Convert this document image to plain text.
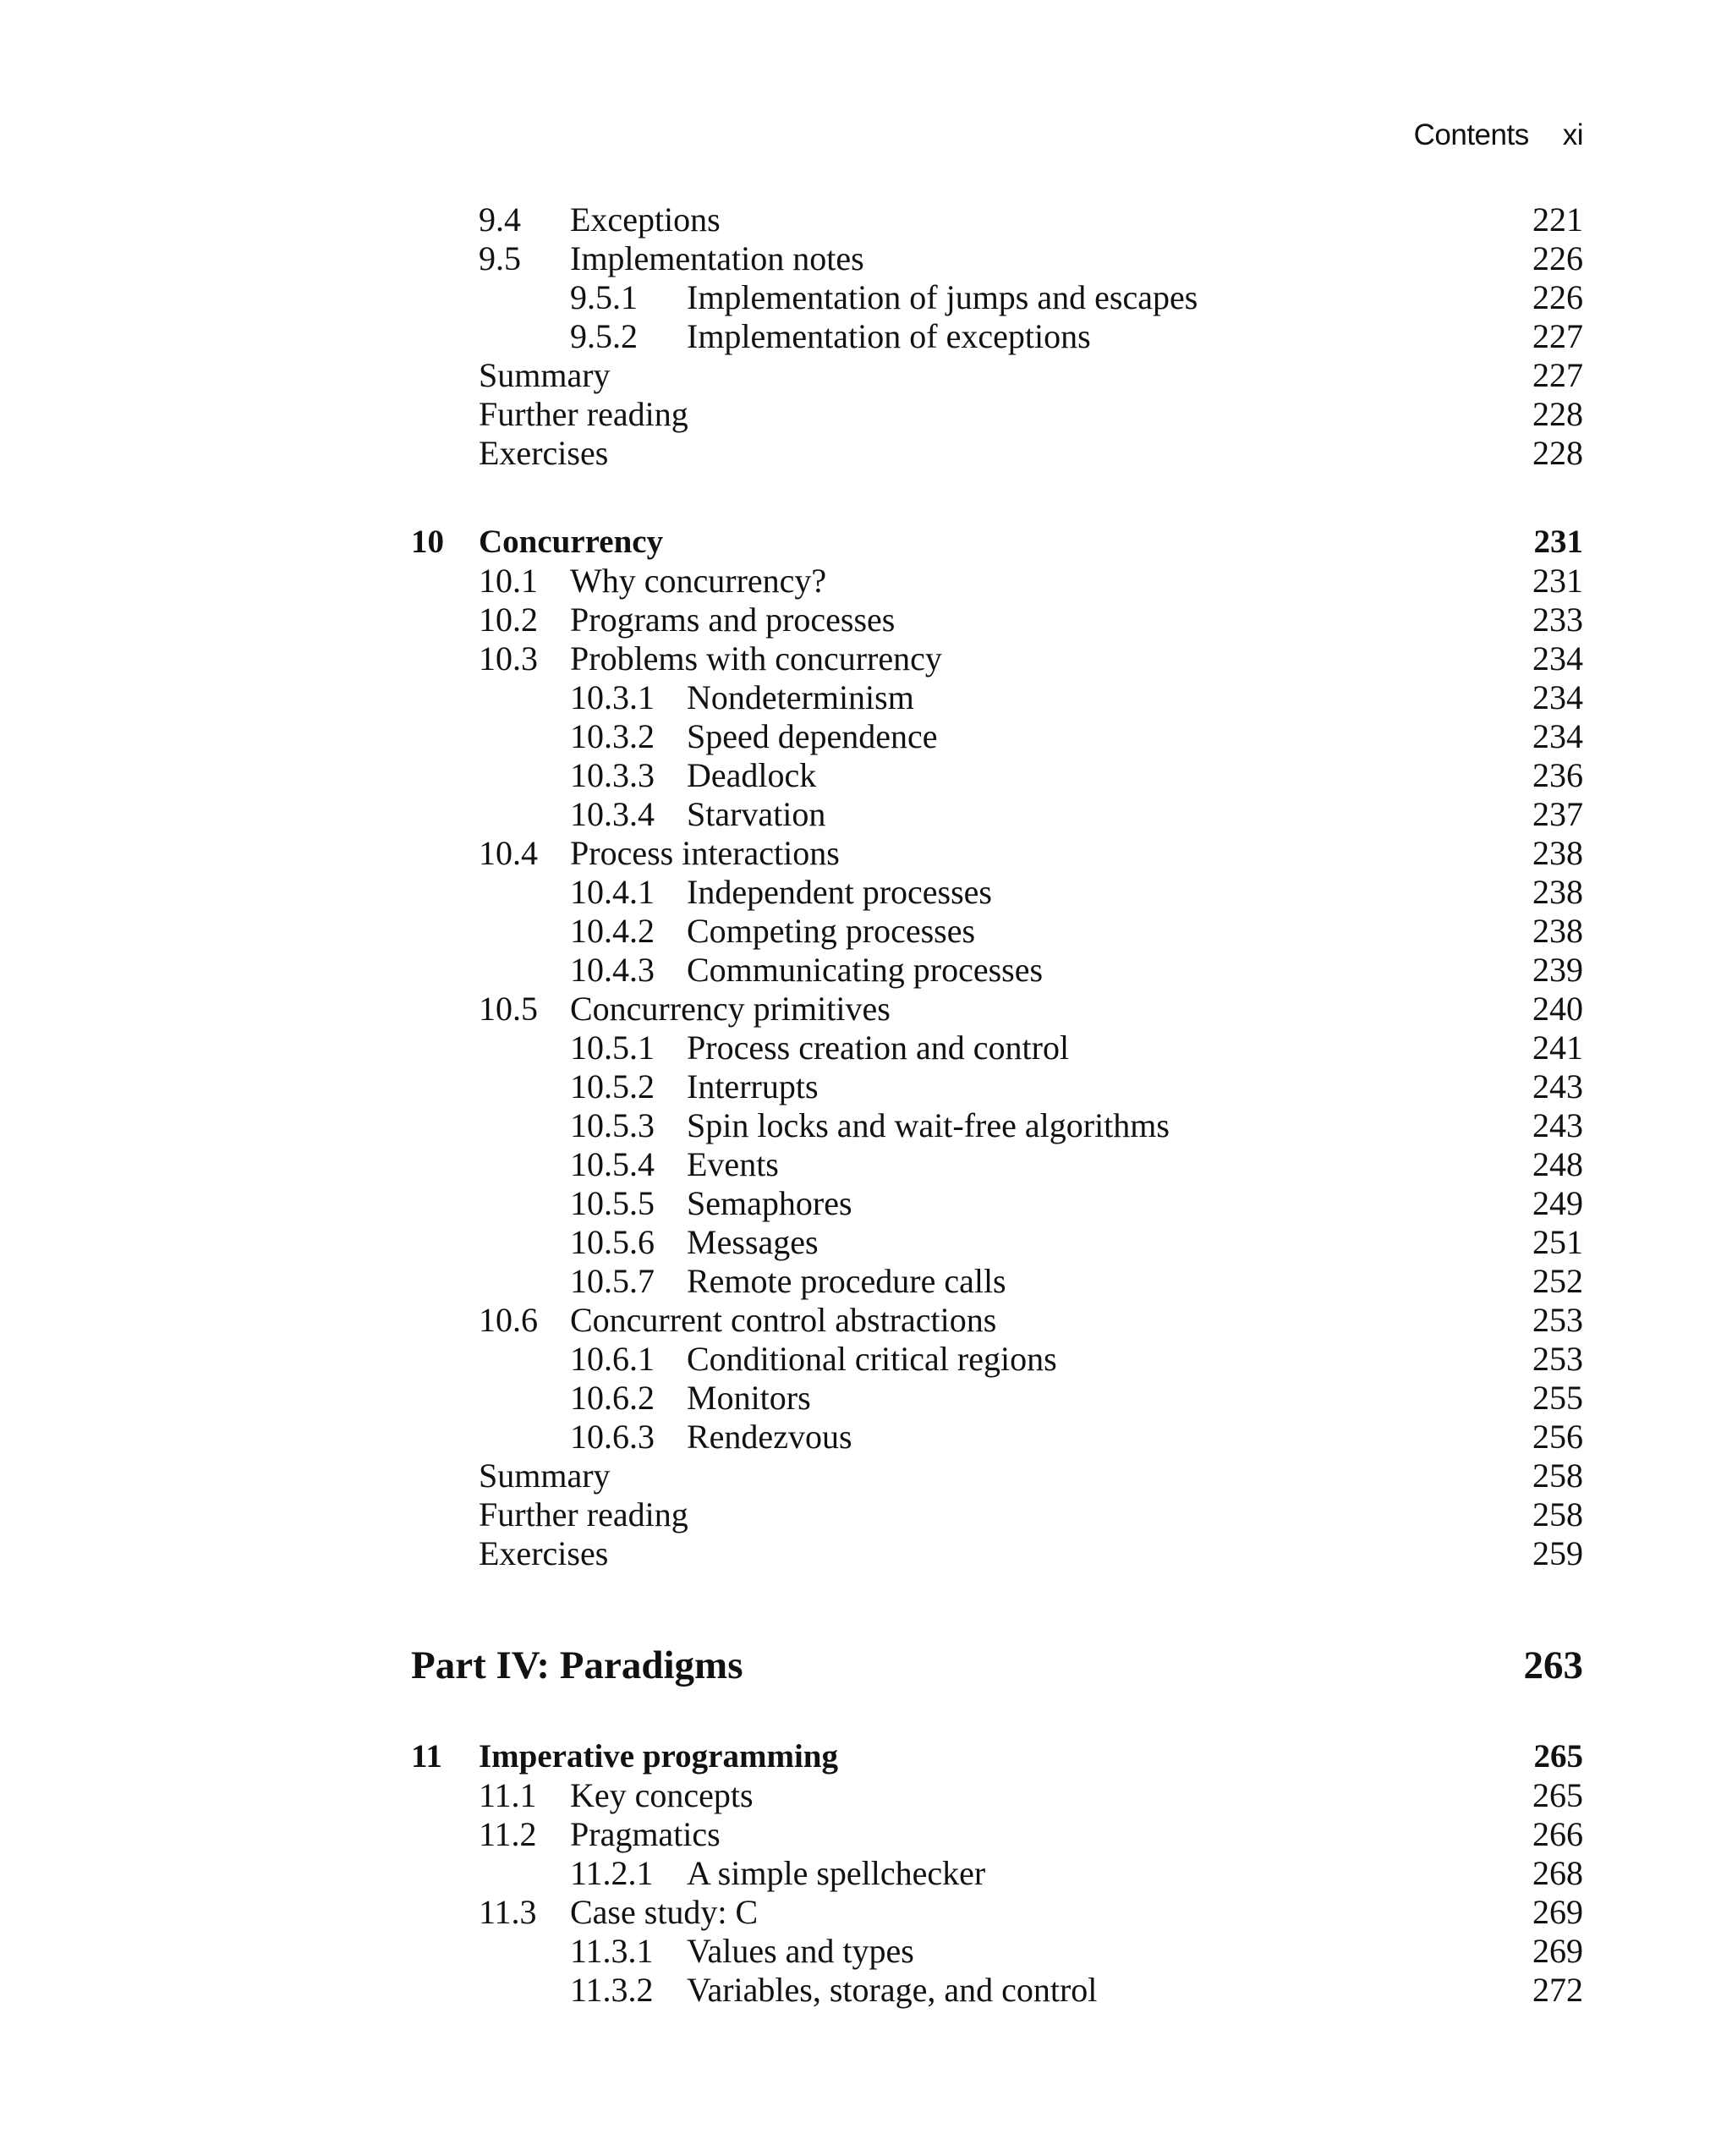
Contents xi
9.4 Exceptions	221
9.5 Implementation notes	226
9.5.1 Implementation of jumps and escapes	226
9.5.2 Implementation of exceptions	227
Summary	227
Further reading	228
Exercises	228
10 Concurrency	231
10.1 Why concurrency?	231
10.2 Programs and processes	233
10.3 Problems with concurrency	234
10.3.1 Nondeterminism	234
10.3.2 Speed dependence	234
10.3.3 Deadlock	236
10.3.4 Starvation	237
10.4 Process interactions	238
10.4.1 Independent processes	238
10.4.2 Competing processes	238
10.4.3 Communicating processes	239
10.5 Concurrency primitives	240
10.5.1 Process creation and control	241
10.5.2 Interrupts	243
10.5.3 Spin locks and wait-free algorithms	243
10.5.4 Events	248
10.5.5 Semaphores	249
10.5.6 Messages	251
10.5.7 Remote procedure calls	252
10.6 Concurrent control abstractions	253
10.6.1 Conditional critical regions	253
10.6.2 Monitors	255
10.6.3 Rendezvous	256
Summary	258
Further reading	258
Exercises	259
Part IV: Paradigms	263
11 Imperative programming	265
11.1 Key concepts	265
11.2 Pragmatics	266
11.2.1 A simple spellchecker	268
11.3 Case study: C	269
11.3.1 Values and types	269
11.3.2 Variables, storage, and control	272
